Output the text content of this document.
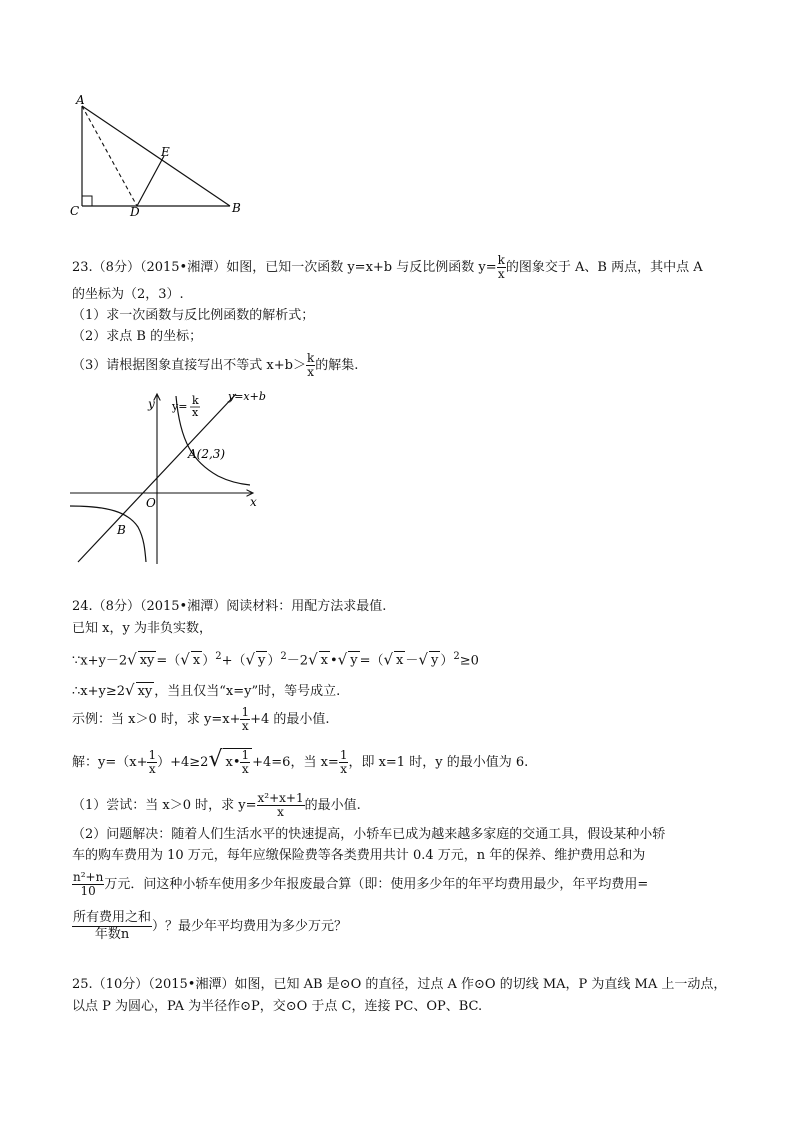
A
C	D
E
B
23.（8分）（2015•湘潭）如图，已知一次函数 y=x+b 与反比例函数 $y= \frac{k}{x}$ 的图象交于 A、B 两点，其中点 A
的坐标为（2，3）.
（1）求一次函数与反比例函数的解析式；
（2）求点 B 的坐标；
（3）请根据图象直接写出不等式 $x+b> \frac{k}{x}$ 的解集.
y
x
O
y= k
x
y=x+b
A(2,3)
B
24.（8分）（2015•湘潭）阅读材料：用配方法求最值.
已知 x，y 为非负实数，
∵x+y－2√ xy =（√ x ）$^2$+（√ y ）$^2$－2√ x •√ y =（√ x －√ y ）$^2$≥0
∴x+y≥2√ xy ，当且仅当“x=y”时，等号成立.
示例：当 x＞0 时，求 $y=x+ \frac{1}{x} +4$ 的最小值.
解：$y=(x+ \frac{1}{x} )+4\ge 2√$ x• $\frac{1}{x} +4=6$，当 $x= \frac{1}{x}$ ，即 x=1 时，y 的最小值为 6.
（1）尝试：当 x＞0 时，求 $y= \frac{\text{x²+x+1}}{x}$ 的最小值.
（2）问题解决：随着人们生活水平的快速提高，小轿车已成为越来越多家庭的交通工具，假设某种小轿
车的购车费用为 10 万元，每年应缴保险费等各类费用共计 0.4 万元，n 年的保养、维护费用总和为
$\frac{\text{n²+n}}{10}$ 万元．问这种小轿车使用多少年报废最合算（即：使用多少年的年平均费用最少，年平均费用=
$\frac{\text{所有费用之和}}{\text{年数n}}$ ）？最少年平均费用为多少万元？
25.（10分）（2015•湘潭）如图，已知 AB 是⊙O 的直径，过点 A 作⊙O 的切线 MA，P 为直线 MA 上一动点，
以点 P 为圆心，PA 为半径作⊙P，交⊙O 于点 C，连接 PC、OP、BC.
